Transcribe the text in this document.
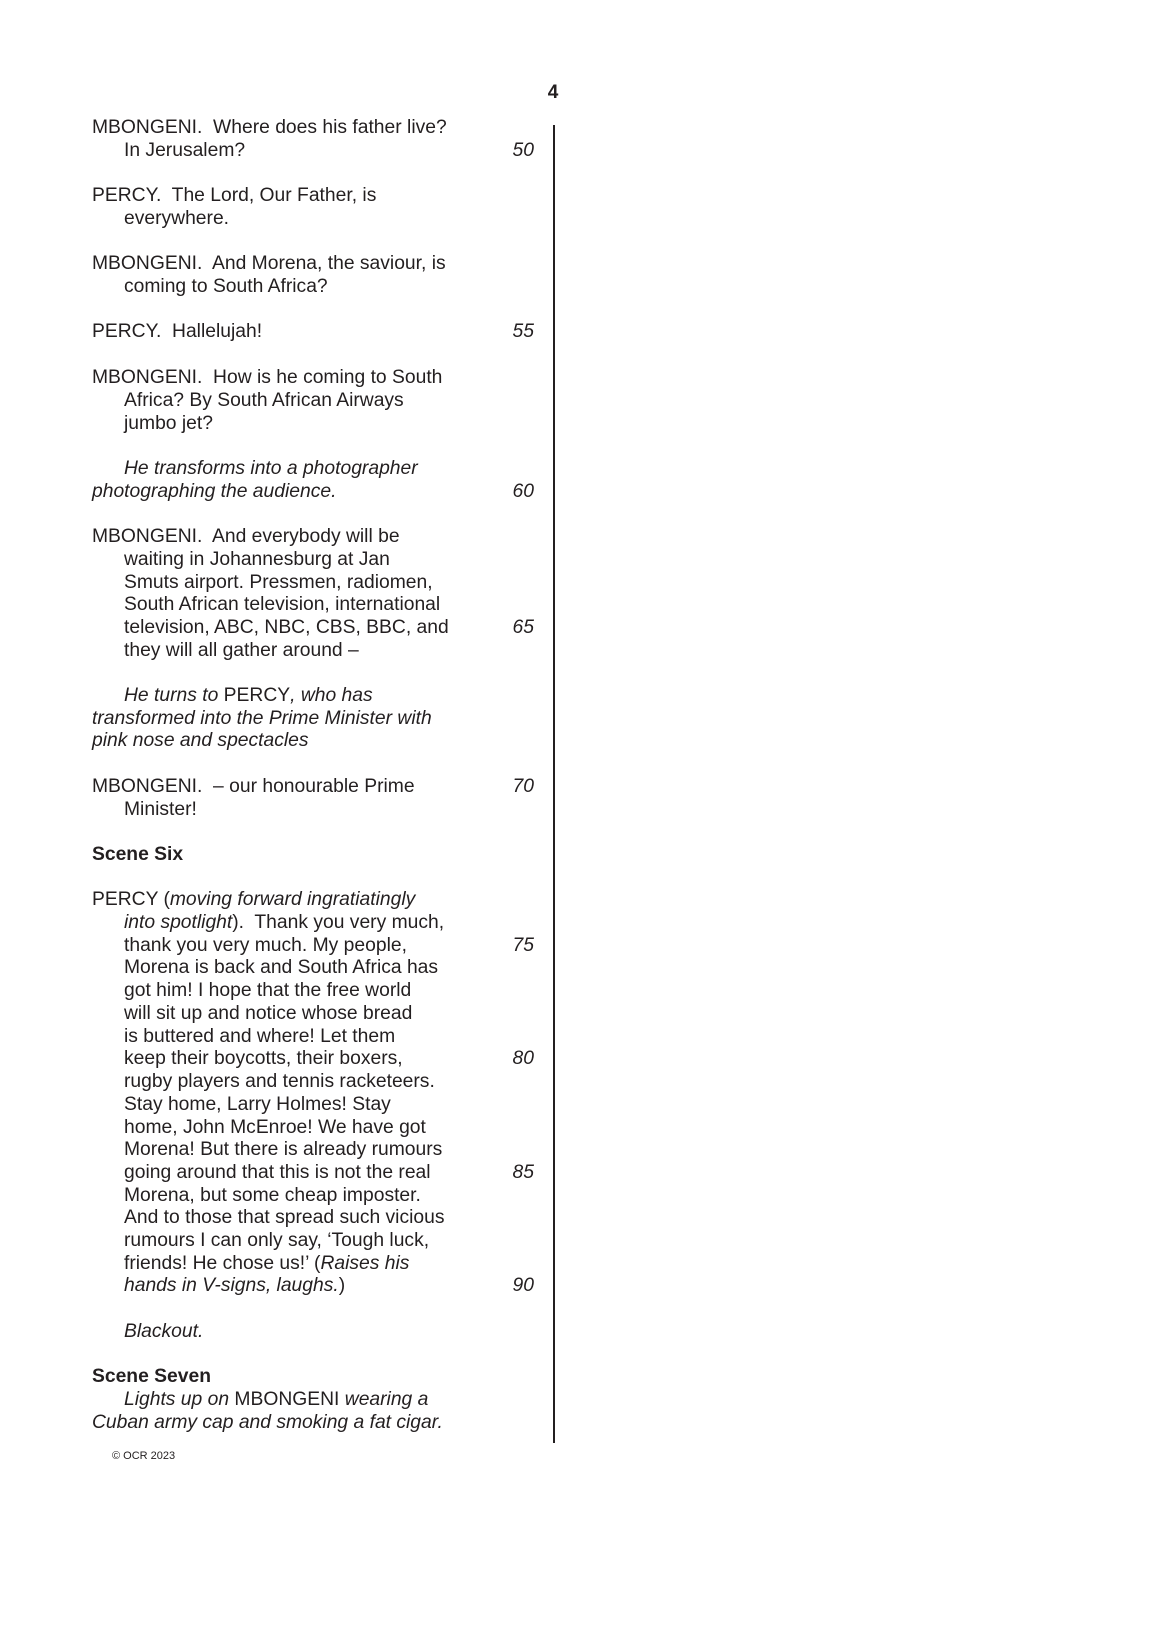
4
MBONGENI.  Where does his father live?
In Jerusalem?	50
PERCY.  The Lord, Our Father, is
everywhere.
MBONGENI.  And Morena, the saviour, is
coming to South Africa?
PERCY.  Hallelujah!	55
MBONGENI.  How is he coming to South
Africa? By South African Airways
jumbo jet?
He transforms into a photographer
photographing the audience.	60
MBONGENI.  And everybody will be
waiting in Johannesburg at Jan
Smuts airport. Pressmen, radiomen,
South African television, international
television, ABC, NBC, CBS, BBC, and	65
they will all gather around –
He turns to PERCY, who has
transformed into the Prime Minister with
pink nose and spectacles
MBONGENI.  – our honourable Prime	70
Minister!
Scene Six
PERCY (moving forward ingratiatingly
into spotlight).  Thank you very much,
thank you very much. My people,	75
Morena is back and South Africa has
got him! I hope that the free world
will sit up and notice whose bread
is buttered and where! Let them
keep their boycotts, their boxers,	80
rugby players and tennis racketeers.
Stay home, Larry Holmes! Stay
home, John McEnroe! We have got
Morena! But there is already rumours
going around that this is not the real	85
Morena, but some cheap imposter.
And to those that spread such vicious
rumours I can only say, ‘Tough luck,
friends! He chose us!’ (Raises his
hands in V-signs, laughs.)	90
Blackout.
Scene Seven
Lights up on MBONGENI wearing a
Cuban army cap and smoking a fat cigar.
© OCR 2023
